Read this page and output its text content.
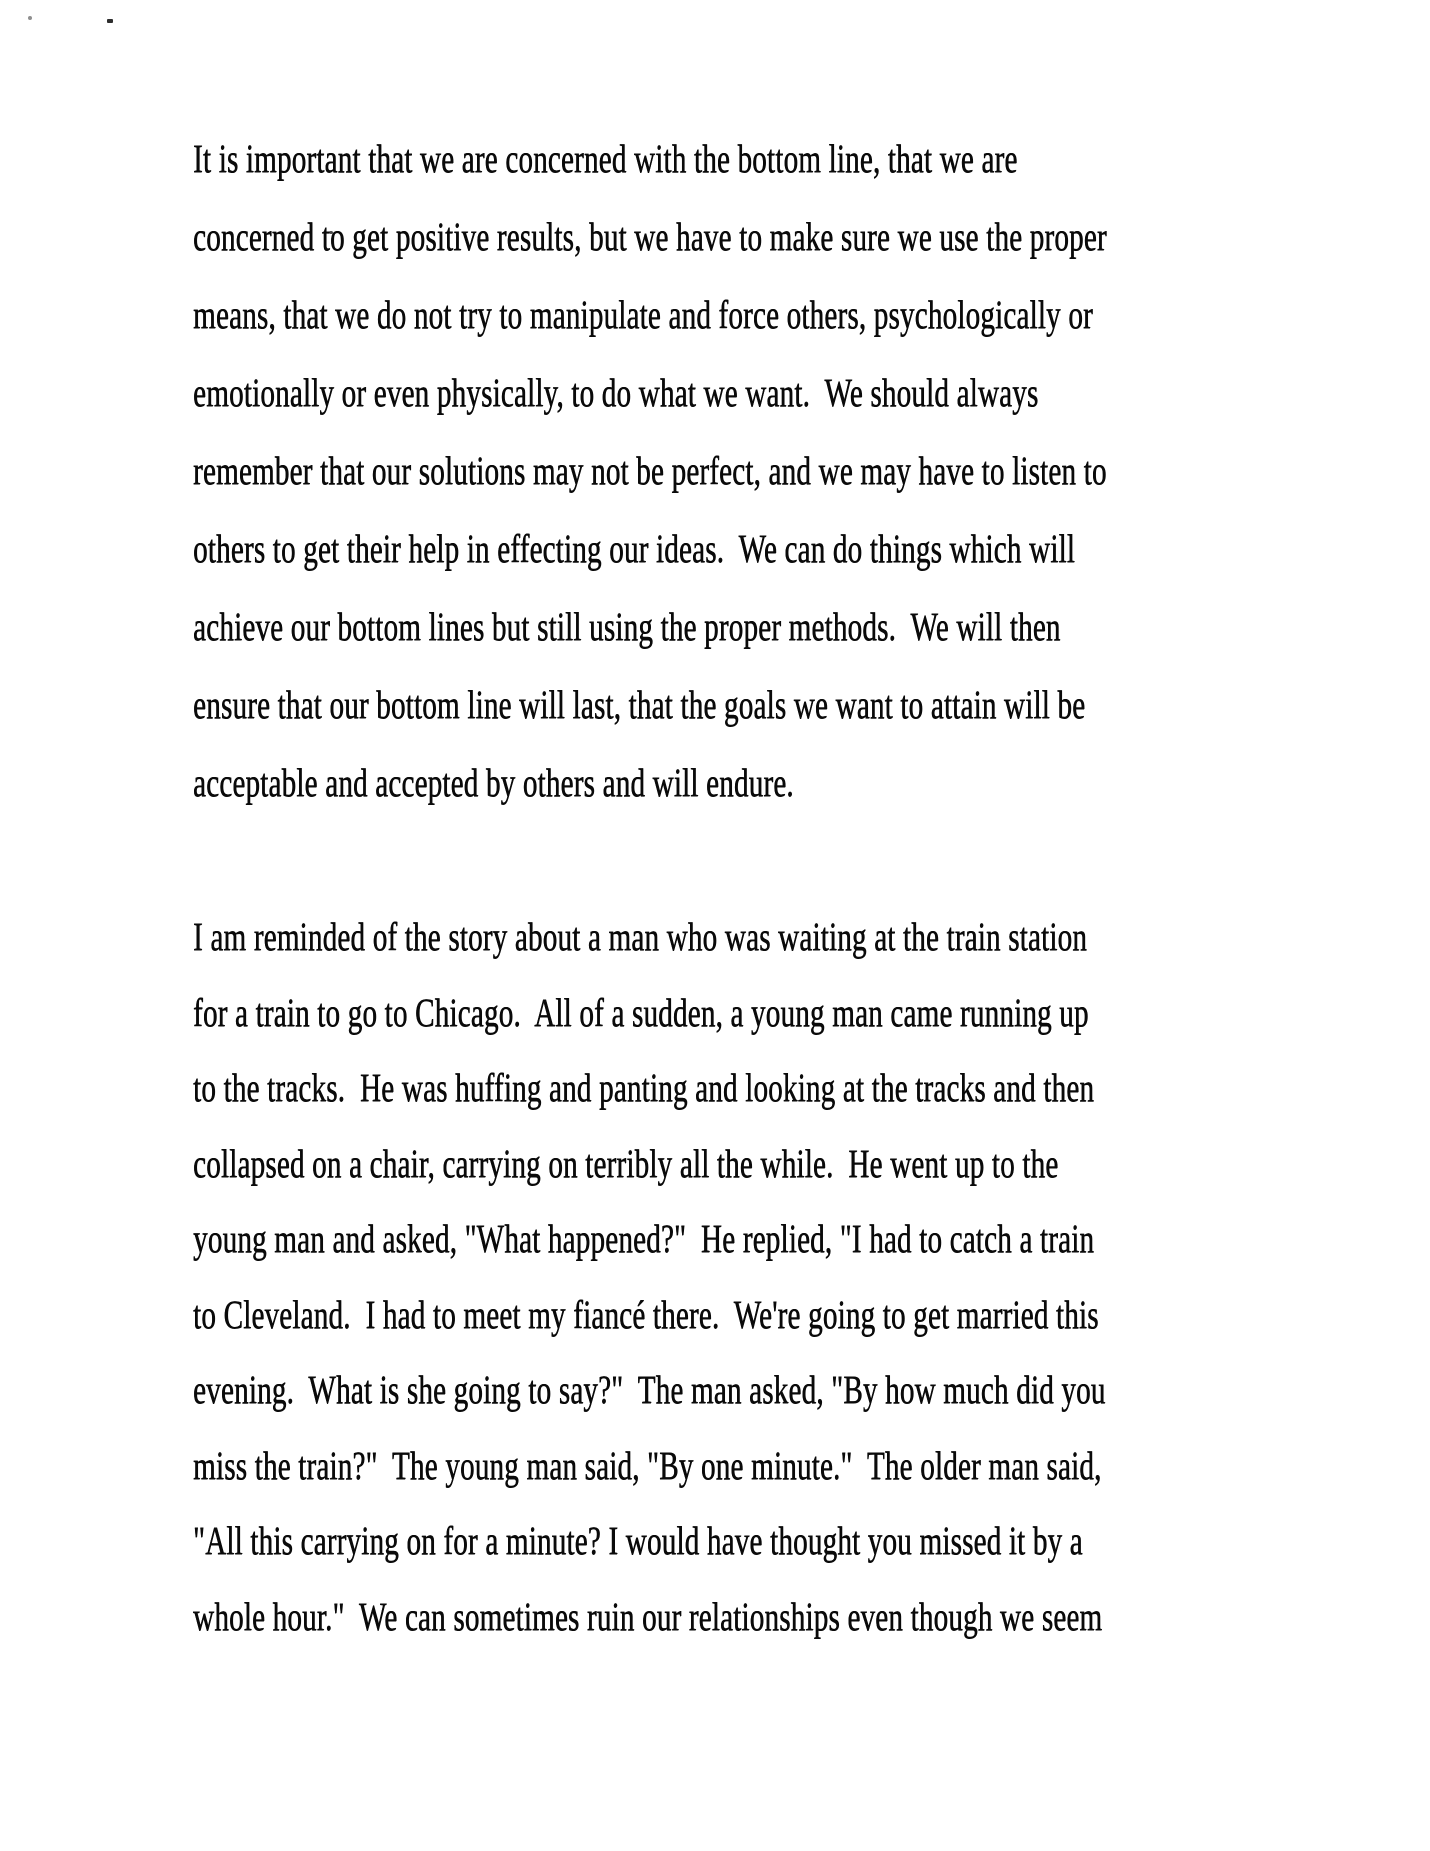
It is important that we are concerned with the bottom line, that we are
concerned to get positive results, but we have to make sure we use the proper
means, that we do not try to manipulate and force others, psychologically or
emotionally or even physically, to do what we want.  We should always
remember that our solutions may not be perfect, and we may have to listen to
others to get their help in effecting our ideas.  We can do things which will
achieve our bottom lines but still using the proper methods.  We will then
ensure that our bottom line will last, that the goals we want to attain will be
acceptable and accepted by others and will endure.
I am reminded of the story about a man who was waiting at the train station
for a train to go to Chicago.  All of a sudden, a young man came running up
to the tracks.  He was huffing and panting and looking at the tracks and then
collapsed on a chair, carrying on terribly all the while.  He went up to the
young man and asked, "What happened?"  He replied, "I had to catch a train
to Cleveland.  I had to meet my fiancé there.  We're going to get married this
evening.  What is she going to say?"  The man asked, "By how much did you
miss the train?"  The young man said, "By one minute."  The older man said,
"All this carrying on for a minute? I would have thought you missed it by a
whole hour."  We can sometimes ruin our relationships even though we seem
